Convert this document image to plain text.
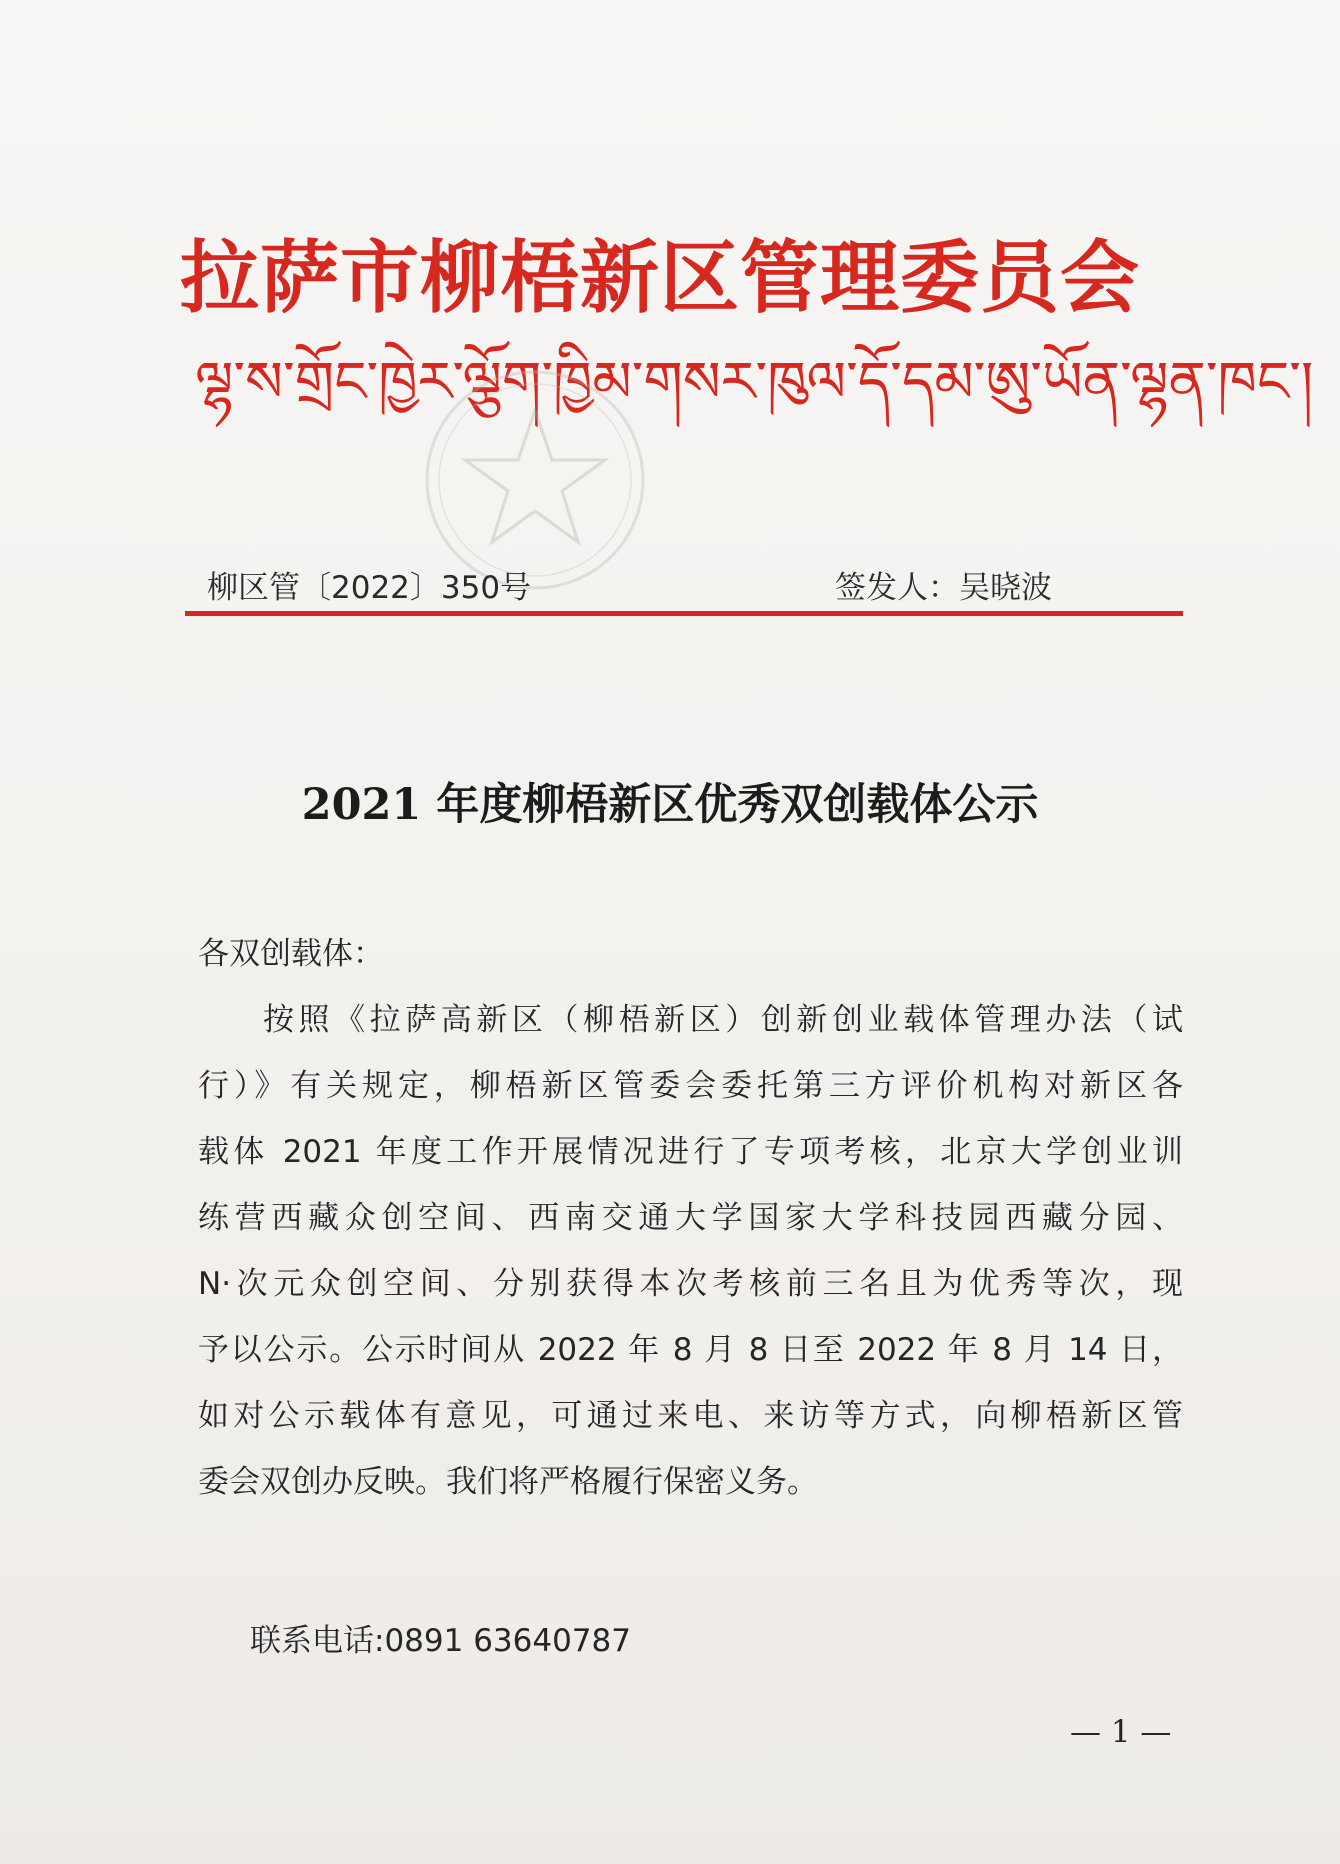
拉萨市柳梧新区管理委员会
ལྷ་ས་གྲོང་ཁྱེར་ལྕོག་ཁྱིམ་གསར་ཁུལ་དོ་དམ་ཨུ་ཡོན་ལྷན་ཁང་།
柳区管〔2022〕350号	签发人：吴晓波
2021 年度柳梧新区优秀双创载体公示
各双创载体：
按照《拉萨高新区（柳梧新区）创新创业载体管理办法（试
行）》有关规定，柳梧新区管委会委托第三方评价机构对新区各
载体 2021 年度工作开展情况进行了专项考核，北京大学创业训
练营西藏众创空间、西南交通大学国家大学科技园西藏分园、
N·次元众创空间、分别获得本次考核前三名且为优秀等次，现
予以公示。公示时间从 2022 年 8 月 8 日至 2022 年 8 月 14 日，
如对公示载体有意见，可通过来电、来访等方式，向柳梧新区管
委会双创办反映。我们将严格履行保密义务。
联系电话:0891 63640787
— 1 —
